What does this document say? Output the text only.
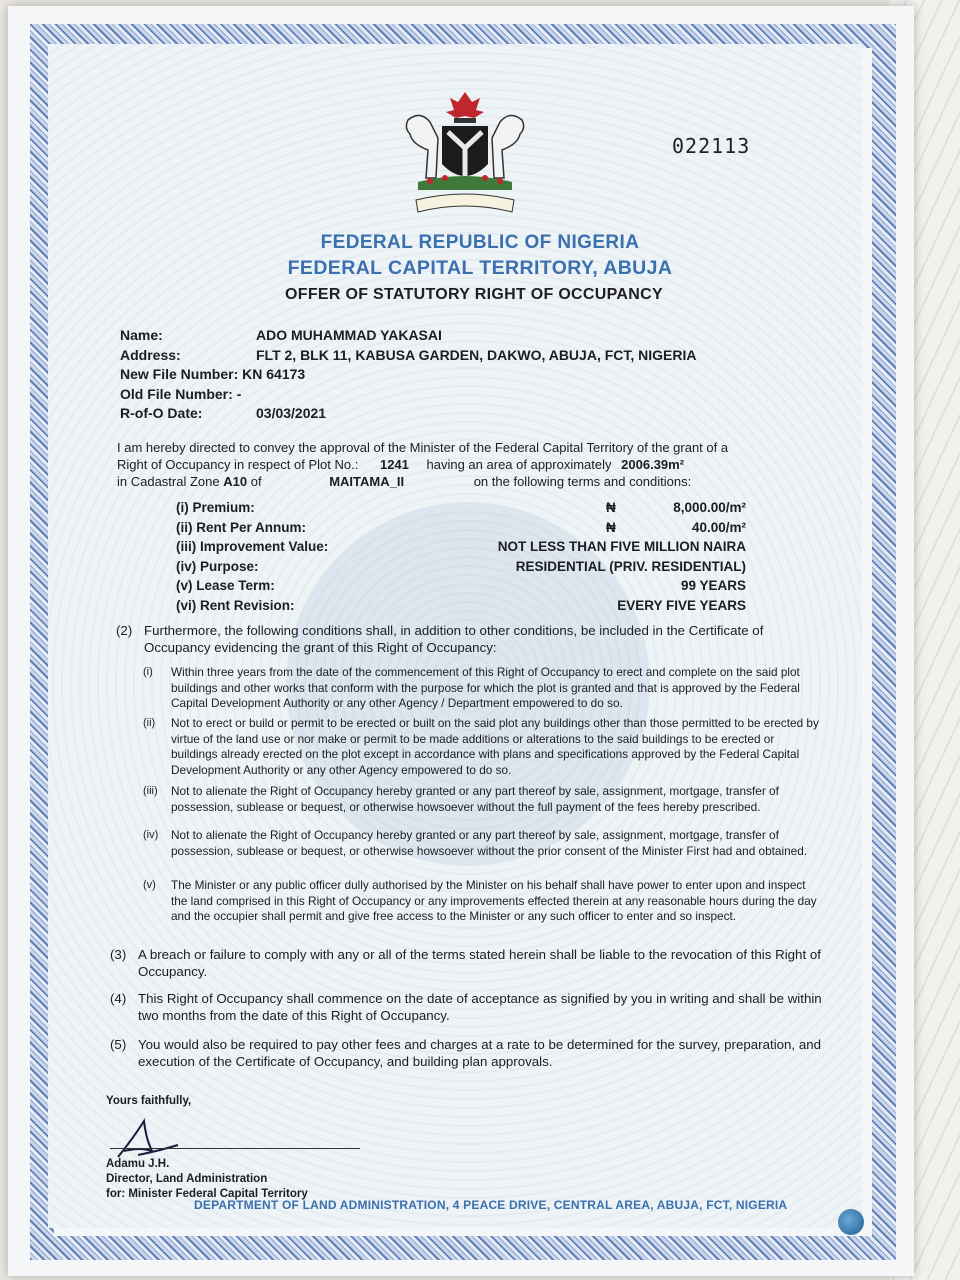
022113
FEDERAL REPUBLIC OF NIGERIA
FEDERAL CAPITAL TERRITORY, ABUJA
OFFER OF STATUTORY RIGHT OF OCCUPANCY
Name:	ADO MUHAMMAD YAKASAI
Address:	FLT 2, BLK 11, KABUSA GARDEN, DAKWO, ABUJA, FCT, NIGERIA
New File Number:
KN 64173
Old File Number:
-
R-of-O Date:	03/03/2021
I am hereby directed to convey the approval of the Minister of the Federal Capital Territory of the grant of a
Right of Occupancy in respect of Plot No.: 1241 having an area of approximately 2006.39m²
in Cadastral Zone A10 of	MAITAMA_II	on the following terms and conditions:
(i) Premium:	₦	8,000.00/m²
(ii) Rent Per Annum:	₦	40.00/m²
(iii) Improvement Value:	NOT LESS THAN FIVE MILLION NAIRA
(iv) Purpose:	RESIDENTIAL (PRIV. RESIDENTIAL)
(v) Lease Term:	99 YEARS
(vi) Rent Revision:	EVERY FIVE YEARS
(2) Furthermore, the following conditions shall, in addition to other conditions, be included in the Certificate of Occupancy evidencing the grant of this Right of Occupancy:
(i)	Within three years from the date of the commencement of this Right of Occupancy to erect and complete on the said plot buildings and other works that conform with the purpose for which the plot is granted and that is approved by the Federal Capital Development Authority or any other Agency / Department empowered to do so.
(ii)	Not to erect or build or permit to be erected or built on the said plot any buildings other than those permitted to be erected by virtue of the land use or nor make or permit to be made additions or alterations to the said buildings to be erected or buildings already erected on the plot except in accordance with plans and specifications approved by the Federal Capital Development Authority or any other Agency empowered to do so.
(iii)	Not to alienate the Right of Occupancy hereby granted or any part thereof by sale, assignment, mortgage, transfer of possession, sublease or bequest, or otherwise howsoever without the full payment of the fees hereby prescribed.
(iv)	Not to alienate the Right of Occupancy hereby granted or any part thereof by sale, assignment, mortgage, transfer of possession, sublease or bequest, or otherwise howsoever without the prior consent of the Minister First had and obtained.
(v)	The Minister or any public officer dully authorised by the Minister on his behalf shall have power to enter upon and inspect the land comprised in this Right of Occupancy or any improvements effected therein at any reasonable hours during the day and the occupier shall permit and give free access to the Minister or any such officer to enter and so inspect.
(3) A breach or failure to comply with any or all of the terms stated herein shall be liable to the revocation of this Right of Occupancy.
(4) This Right of Occupancy shall commence on the date of acceptance as signified by you in writing and shall be within two months from the date of this Right of Occupancy.
(5) You would also be required to pay other fees and charges at a rate to be determined for the survey, preparation, and execution of the Certificate of Occupancy, and building plan approvals.
Yours faithfully,
Adamu J.H.
Director, Land Administration
for: Minister Federal Capital Territory
DEPARTMENT OF LAND ADMINISTRATION, 4 PEACE DRIVE, CENTRAL AREA, ABUJA, FCT, NIGERIA
